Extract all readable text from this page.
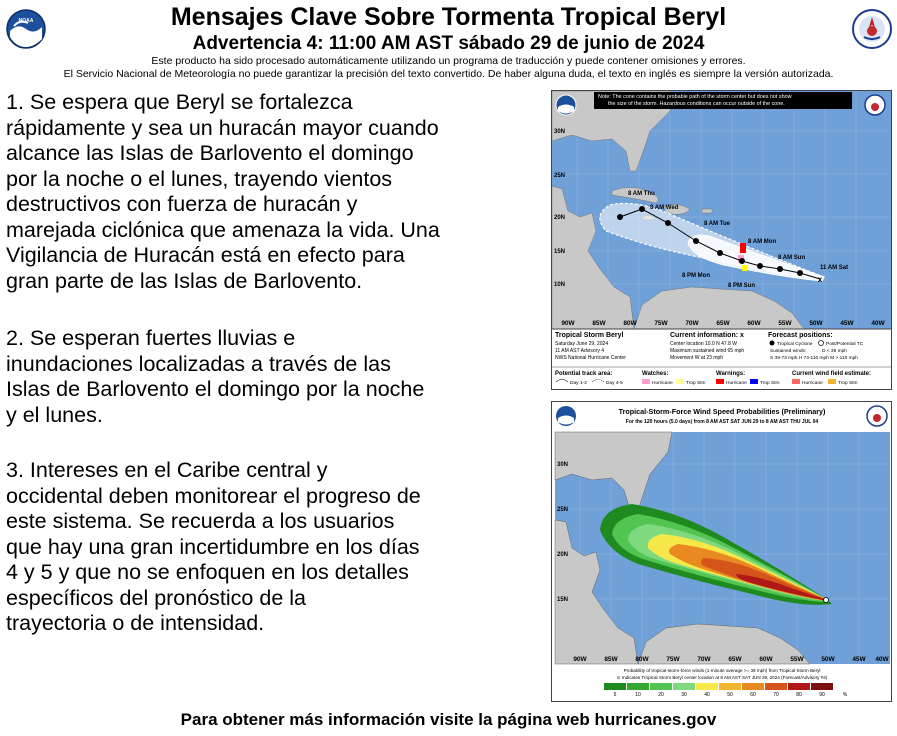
NOAA	Mensajes Clave Sobre Tormenta Tropical Beryl
Advertencia 4: 11:00 AM AST sábado 29 de junio de 2024
Este producto ha sido procesado automáticamente utilizando un programa de traducción y puede contener omisiones y errores.
El Servicio Nacional de Meteorología no puede garantizar la precisión del texto convertido. De haber alguna duda, el texto en inglés es siempre la versión autorizada.
1. Se espera que Beryl se fortalezca
rápidamente y sea un huracán mayor cuando
alcance las Islas de Barlovento el domingo
por la noche o el lunes, trayendo vientos
destructivos con fuerza de huracán y
marejada ciclónica que amenaza la vida. Una
Vigilancia de Huracán está en efecto para
gran parte de las Islas de Barlovento.
2. Se esperan fuertes lluvias e
inundaciones localizadas a través de las
Islas de Barlovento el domingo por la noche
y el lunes.
3. Intereses en el Caribe central y
occidental deben monitorear el progreso de
este sistema. Se recuerda a los usuarios
que hay una gran incertidumbre en los días
4 y 5 y que no se enfoquen en los detalles
específicos del pronóstico de la
trayectoria o de intensidad.
x
8 AM Thu
8 AM Wed
8 AM Tue
8 AM Mon
8 AM Sun
11 AM Sat
8 PM Mon
8 PM Sun
Note: The cone contains the probable path of the storm center but does not show
the size of the storm. Hazardous conditions can occur outside of the cone.
30N
25N
20N
15N
10N
90W	85W	80W	75W	70W	65W	60W	55W	50W	45W	40W
Tropical Storm Beryl
Saturday June 29, 2024
11 AM AST Advisory 4
NWS National Hurricane Center
Current information: x
Center location 10.0 N 47.8 W
Maximum sustained wind 65 mph
Movement W at 23 mph
Forecast positions:
Tropical Cyclone	Post/Potential TC
Sustained winds:	D < 39 mph
S 39-73 mph H 74-110 mph M > 110 mph
Potential track area:
Day 1-3	Day 4-5
Watches:
Hurricane	Trop Stm
Warnings:
Hurricane	Trop Stm
Current wind field estimate:
Hurricane	Trop Stm
Tropical-Storm-Force Wind Speed Probabilities (Preliminary)
For the 120 hours (5.0 days) from 8 AM AST SAT JUN 29 to 8 AM AST THU JUL 04
90W	85W	80W	75W	70W	65W	60W	55W	50W	45W 40W
30N
25N
20N
15N
Probability of tropical-storm-force winds (1-minute average >= 39 mph) from Tropical Storm Beryl
⊙ Indicates Tropical Storm Beryl center location at 8 AM AST SAT JUN 29, 2024 (Forecast/Advisory #4)
5	10	20	30	40	50	60	70	80	90	%
Para obtener más información visite la página web hurricanes.gov
